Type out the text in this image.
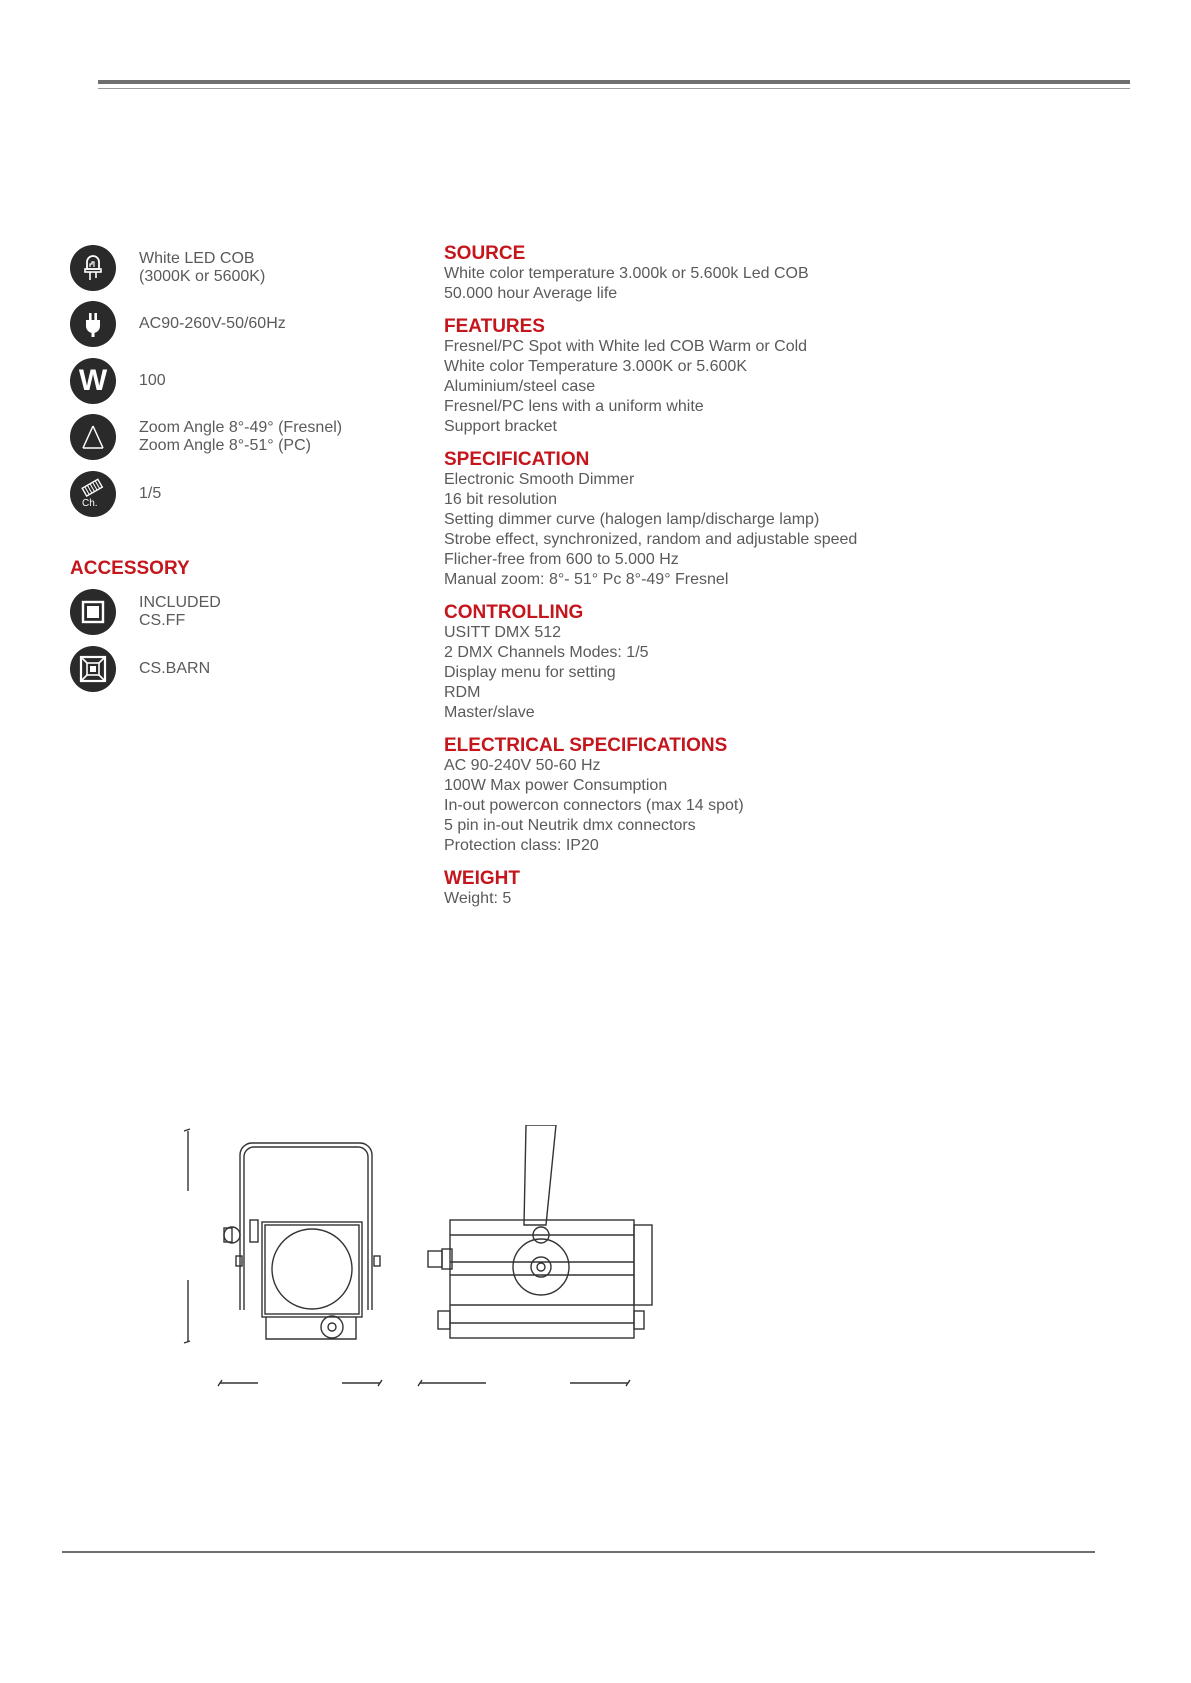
White LED COB
(3000K or 5600K)
AC90-260V-50/60Hz
W 100
Zoom Angle 8°-49° (Fresnel)
Zoom Angle 8°-51° (PC)
Ch.
1/5
ACCESSORY
INCLUDED
CS.FF
CS.BARN
SOURCE
White color temperature 3.000k or 5.600k Led COB
50.000 hour Average life
FEATURES
Fresnel/PC Spot with White led COB Warm or Cold
White color Temperature 3.000K or 5.600K
Aluminium/steel case
Fresnel/PC lens with a uniform white
Support bracket
SPECIFICATION
Electronic Smooth Dimmer
16 bit resolution
Setting dimmer curve (halogen lamp/discharge lamp)
Strobe effect, synchronized, random and adjustable speed
Flicher-free from 600 to 5.000 Hz
Manual zoom: 8°- 51° Pc 8°-49° Fresnel
CONTROLLING
USITT DMX 512
2 DMX Channels Modes: 1/5
Display menu for setting
RDM
Master/slave
ELECTRICAL SPECIFICATIONS
AC 90-240V 50-60 Hz
100W Max power Consumption
In-out powercon connectors (max 14 spot)
5 pin in-out Neutrik dmx connectors
Protection class: IP20
WEIGHT
Weight: 5
